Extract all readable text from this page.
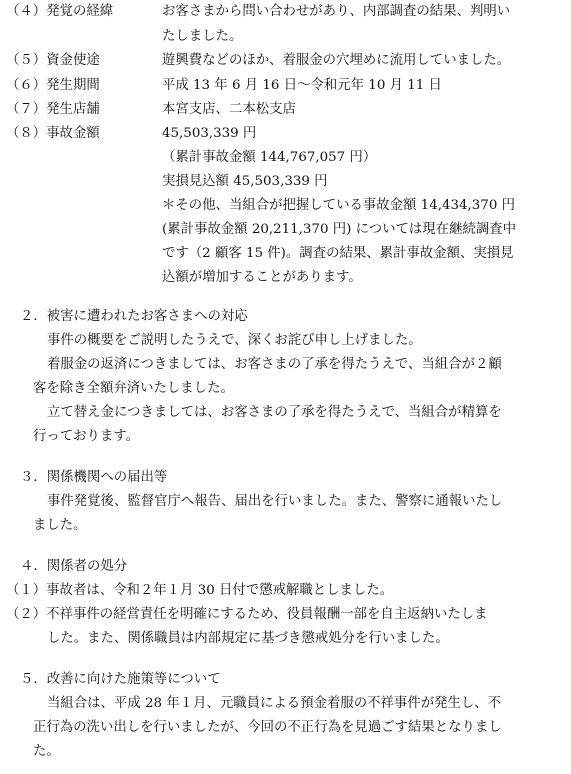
（４）発覚の経緯	お客さまから問い合わせがあり、内部調査の結果、判明い
たしました。
（５）資金使途	遊興費などのほか、着服金の穴埋めに流用していました。
（６）発生期間	平成 13 年 6 月 16 日～令和元年 10 月 11 日
（７）発生店舗	本宮支店、二本松支店
（８）事故金額	45,503,339 円
（累計事故金額 144,767,057 円）
実損見込額 45,503,339 円
＊その他、当組合が把握している事故金額 14,434,370 円
(累計事故金額 20,211,370 円) については現在継続調査中
です（2 顧客 15 件)。調査の結果、累計事故金額、実損見
込額が増加することがあります。
２．被害に遭われたお客さまへの対応
事件の概要をご説明したうえで、深くお詫び申し上げました。
着服金の返済につきましては、お客さまの了承を得たうえで、当組合が２顧
客を除き全額弁済いたしました。
立て替え金につきましては、お客さまの了承を得たうえで、当組合が精算を
行っております。
３．関係機関への届出等
事件発覚後、監督官庁へ報告、届出を行いました。また、警察に通報いたし
ました。
４．関係者の処分
（１）事故者は、令和２年１月 30 日付で懲戒解職としました。
（２）不祥事件の経営責任を明確にするため、役員報酬一部を自主返納いたしま
した。また、関係職員は内部規定に基づき懲戒処分を行いました。
５．改善に向けた施策等について
当組合は、平成 28 年１月、元職員による預金着服の不祥事件が発生し、不
正行為の洗い出しを行いましたが、今回の不正行為を見過ごす結果となりまし
た。
